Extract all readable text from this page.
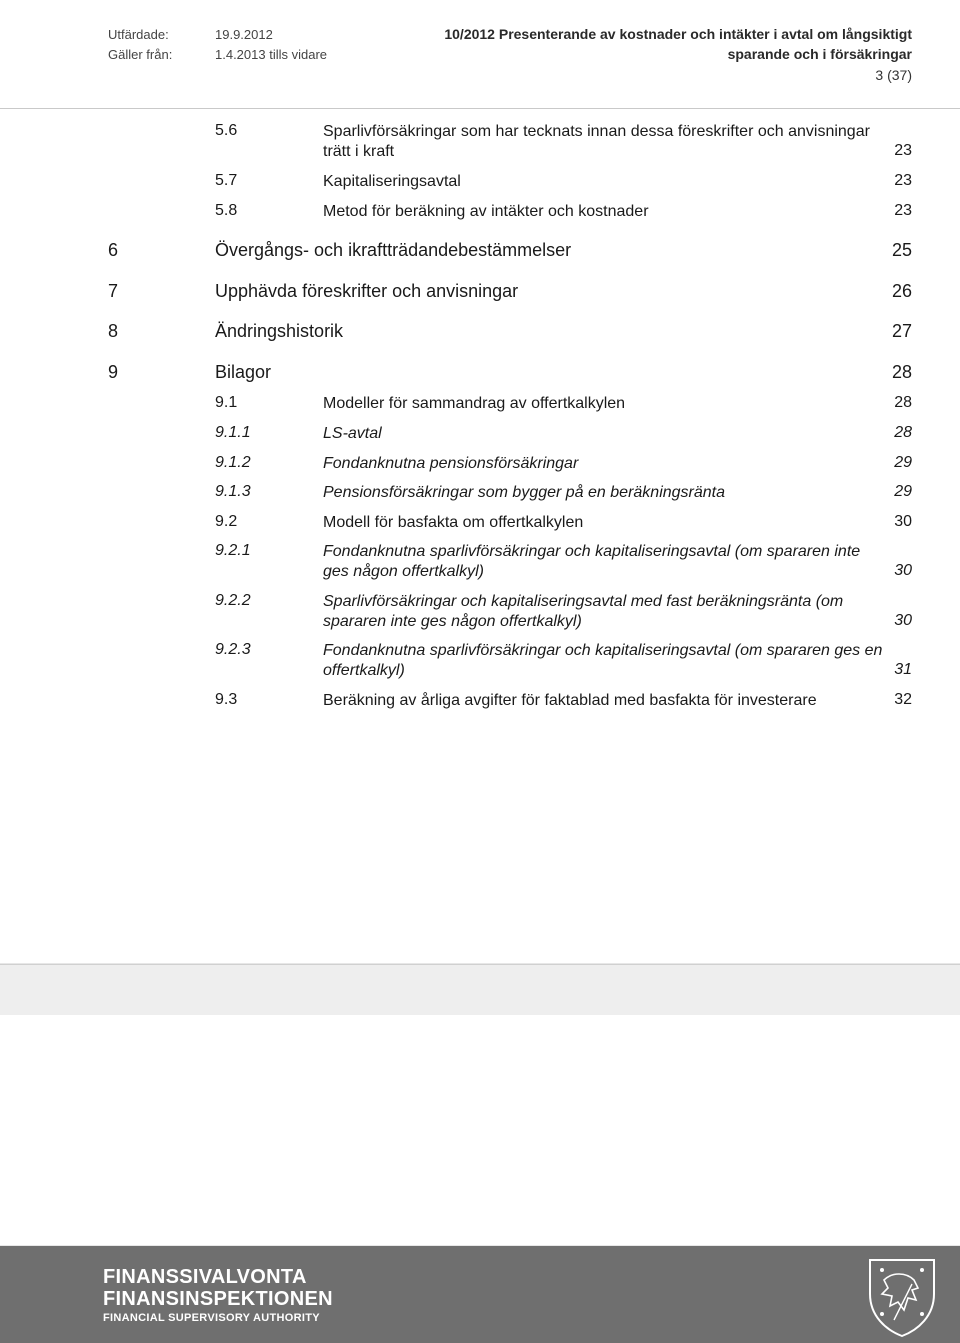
Utfärdade:	19.9.2012
Gäller från:	1.4.2013 tills vidare
10/2012 Presenterande av kostnader och intäkter i avtal om långsiktigt
sparande och i försäkringar
3 (37)
5.6	Sparlivförsäkringar som har tecknats innan dessa föreskrifter och anvisningar trätt i kraft	23
5.7	Kapitaliseringsavtal	23
5.8	Metod för beräkning av intäkter och kostnader	23
6	Övergångs- och ikraftträdandebestämmelser	25
7	Upphävda föreskrifter och anvisningar	26
8	Ändringshistorik	27
9	Bilagor	28
9.1	Modeller för sammandrag av offertkalkylen	28
9.1.1	LS-avtal	28
9.1.2	Fondanknutna pensionsförsäkringar	29
9.1.3	Pensionsförsäkringar som bygger på en beräkningsränta	29
9.2	Modell för basfakta om offertkalkylen	30
9.2.1	Fondanknutna sparlivförsäkringar och kapitaliseringsavtal (om spararen inte ges någon offertkalkyl)	30
9.2.2	Sparlivförsäkringar och kapitaliseringsavtal med fast beräkningsränta (om spararen inte ges någon offertkalkyl)	30
9.2.3	Fondanknutna sparlivförsäkringar och kapitaliseringsavtal (om spararen ges en offertkalkyl)	31
9.3	Beräkning av årliga avgifter för faktablad med basfakta för investerare	32
FINANSSIVALVONTA
FINANSINSPEKTIONEN
FINANCIAL SUPERVISORY AUTHORITY
